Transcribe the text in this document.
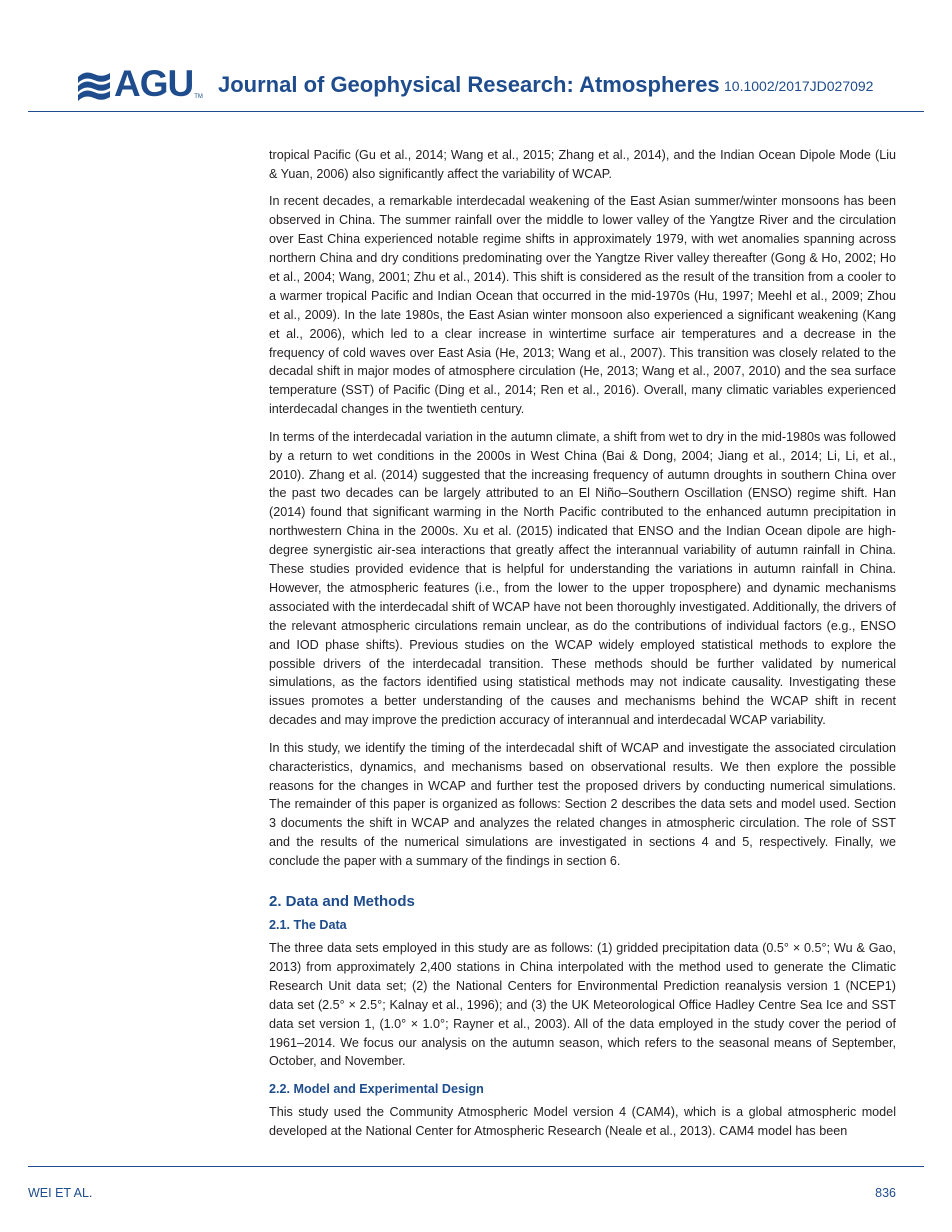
AGU TM Journal of Geophysical Research: Atmospheres 10.1002/2017JD027092

tropical Pacific (Gu et al., 2014; Wang et al., 2015; Zhang et al., 2014), and the Indian Ocean Dipole Mode (Liu & Yuan, 2006) also significantly affect the variability of WCAP.

In recent decades, a remarkable interdecadal weakening of the East Asian summer/winter monsoons has been observed in China. The summer rainfall over the middle to lower valley of the Yangtze River and the circulation over East China experienced notable regime shifts in approximately 1979, with wet anomalies spanning across northern China and dry conditions predominating over the Yangtze River valley thereafter (Gong & Ho, 2002; Ho et al., 2004; Wang, 2001; Zhu et al., 2014). This shift is considered as the result of the transition from a cooler to a warmer tropical Pacific and Indian Ocean that occurred in the mid-1970s (Hu, 1997; Meehl et al., 2009; Zhou et al., 2009). In the late 1980s, the East Asian winter monsoon also experienced a significant weakening (Kang et al., 2006), which led to a clear increase in wintertime surface air temperatures and a decrease in the frequency of cold waves over East Asia (He, 2013; Wang et al., 2007). This transition was closely related to the decadal shift in major modes of atmosphere circulation (He, 2013; Wang et al., 2007, 2010) and the sea surface temperature (SST) of Pacific (Ding et al., 2014; Ren et al., 2016). Overall, many climatic variables experienced interdecadal changes in the twentieth century.

In terms of the interdecadal variation in the autumn climate, a shift from wet to dry in the mid-1980s was followed by a return to wet conditions in the 2000s in West China (Bai & Dong, 2004; Jiang et al., 2014; Li, Li, et al., 2010). Zhang et al. (2014) suggested that the increasing frequency of autumn droughts in southern China over the past two decades can be largely attributed to an El Niño–Southern Oscillation (ENSO) regime shift. Han (2014) found that significant warming in the North Pacific contributed to the enhanced autumn precipitation in northwestern China in the 2000s. Xu et al. (2015) indicated that ENSO and the Indian Ocean dipole are high-degree synergistic air-sea interactions that greatly affect the interannual variability of autumn rainfall in China. These studies provided evidence that is helpful for understanding the variations in autumn rainfall in China. However, the atmospheric features (i.e., from the lower to the upper troposphere) and dynamic mechanisms associated with the interdecadal shift of WCAP have not been thoroughly investigated. Additionally, the drivers of the relevant atmospheric circulations remain unclear, as do the contributions of individual factors (e.g., ENSO and IOD phase shifts). Previous studies on the WCAP widely employed statistical methods to explore the possible drivers of the interdecadal transition. These methods should be further validated by numerical simulations, as the factors identified using statistical methods may not indicate causality. Investigating these issues promotes a better understanding of the causes and mechanisms behind the WCAP shift in recent decades and may improve the prediction accuracy of interannual and interdecadal WCAP variability.

In this study, we identify the timing of the interdecadal shift of WCAP and investigate the associated circulation characteristics, dynamics, and mechanisms based on observational results. We then explore the possible reasons for the changes in WCAP and further test the proposed drivers by conducting numerical simulations. The remainder of this paper is organized as follows: Section 2 describes the data sets and model used. Section 3 documents the shift in WCAP and analyzes the related changes in atmospheric circulation. The role of SST and the results of the numerical simulations are investigated in sections 4 and 5, respectively. Finally, we conclude the paper with a summary of the findings in section 6.

2. Data and Methods
2.1. The Data

The three data sets employed in this study are as follows: (1) gridded precipitation data (0.5° × 0.5°; Wu & Gao, 2013) from approximately 2,400 stations in China interpolated with the method used to generate the Climatic Research Unit data set; (2) the National Centers for Environmental Prediction reanalysis version 1 (NCEP1) data set (2.5° × 2.5°; Kalnay et al., 1996); and (3) the UK Meteorological Office Hadley Centre Sea Ice and SST data set version 1, (1.0° × 1.0°; Rayner et al., 2003). All of the data employed in the study cover the period of 1961–2014. We focus our analysis on the autumn season, which refers to the seasonal means of September, October, and November.

2.2. Model and Experimental Design

This study used the Community Atmospheric Model version 4 (CAM4), which is a global atmospheric model developed at the National Center for Atmospheric Research (Neale et al., 2013). CAM4 model has been

WEI ET AL.	836
